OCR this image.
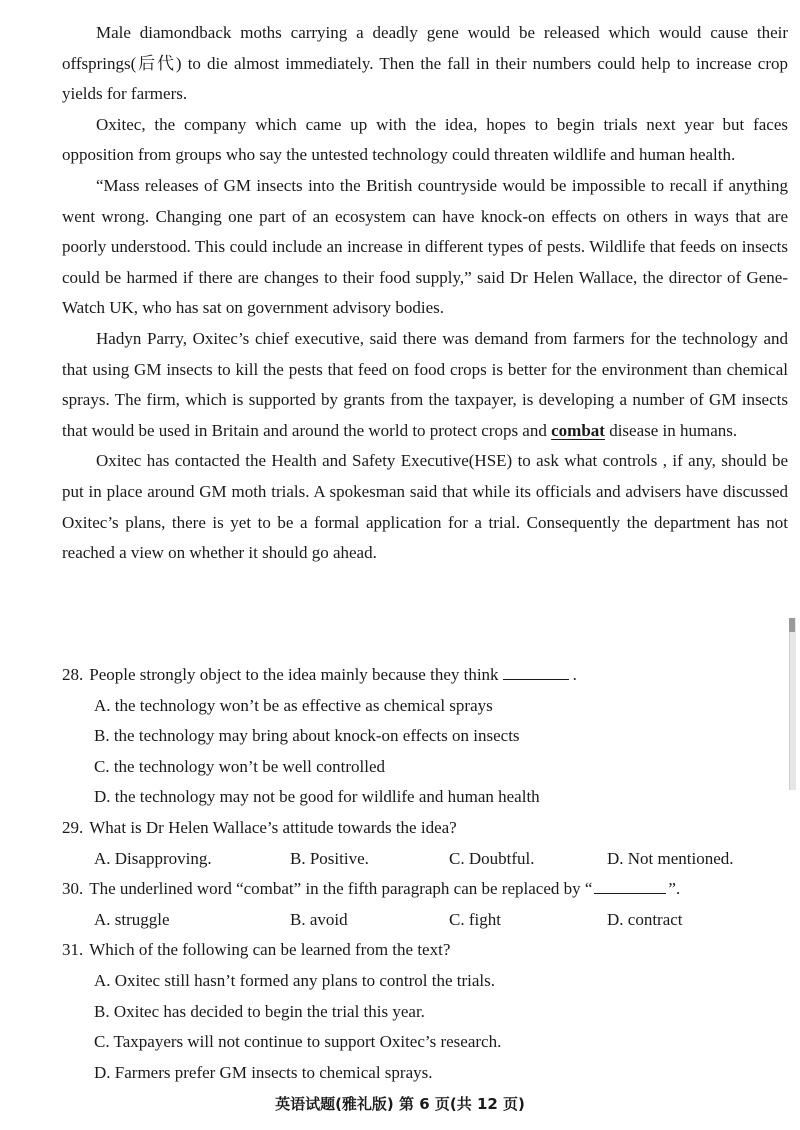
Male diamondback moths carrying a deadly gene would be released which would cause their offsprings(后代) to die almost immediately. Then the fall in their numbers could help to increase crop yields for farmers.

Oxitec, the company which came up with the idea, hopes to begin trials next year but faces opposition from groups who say the untested technology could threaten wildlife and human health.

“Mass releases of GM insects into the British countryside would be impossible to recall if anything went wrong. Changing one part of an ecosystem can have knock-on effects on others in ways that are poorly understood. This could include an increase in different types of pests. Wildlife that feeds on insects could be harmed if there are changes to their food supply,” said Dr Helen Wallace, the director of Gene-Watch UK, who has sat on government advisory bodies.

Hadyn Parry, Oxitec’s chief executive, said there was demand from farmers for the technology and that using GM insects to kill the pests that feed on food crops is better for the environment than chemical sprays. The firm, which is supported by grants from the taxpayer, is developing a number of GM insects that would be used in Britain and around the world to protect crops and combat disease in humans.

Oxitec has contacted the Health and Safety Executive(HSE) to ask what controls , if any, should be put in place around GM moth trials. A spokesman said that while its officials and advisers have discussed Oxitec’s plans, there is yet to be a formal application for a trial. Consequently the department has not reached a view on whether it should go ahead.

28. People strongly object to the idea mainly because they think	.
A. the technology won’t be as effective as chemical sprays
B. the technology may bring about knock-on effects on insects
C. the technology won’t be well controlled
D. the technology may not be good for wildlife and human health
29. What is Dr Helen Wallace’s attitude towards the idea?
A. Disapproving.	B. Positive.	C. Doubtful.	D. Not mentioned.
30. The underlined word “combat” in the fifth paragraph can be replaced by “	”.
A. struggle	B. avoid	C. fight	D. contract
31. Which of the following can be learned from the text?
A. Oxitec still hasn’t formed any plans to control the trials.
B. Oxitec has decided to begin the trial this year.
C. Taxpayers will not continue to support Oxitec’s research.
D. Farmers prefer GM insects to chemical sprays.
英语试题(雅礼版) 第 6 页(共 12 页)
